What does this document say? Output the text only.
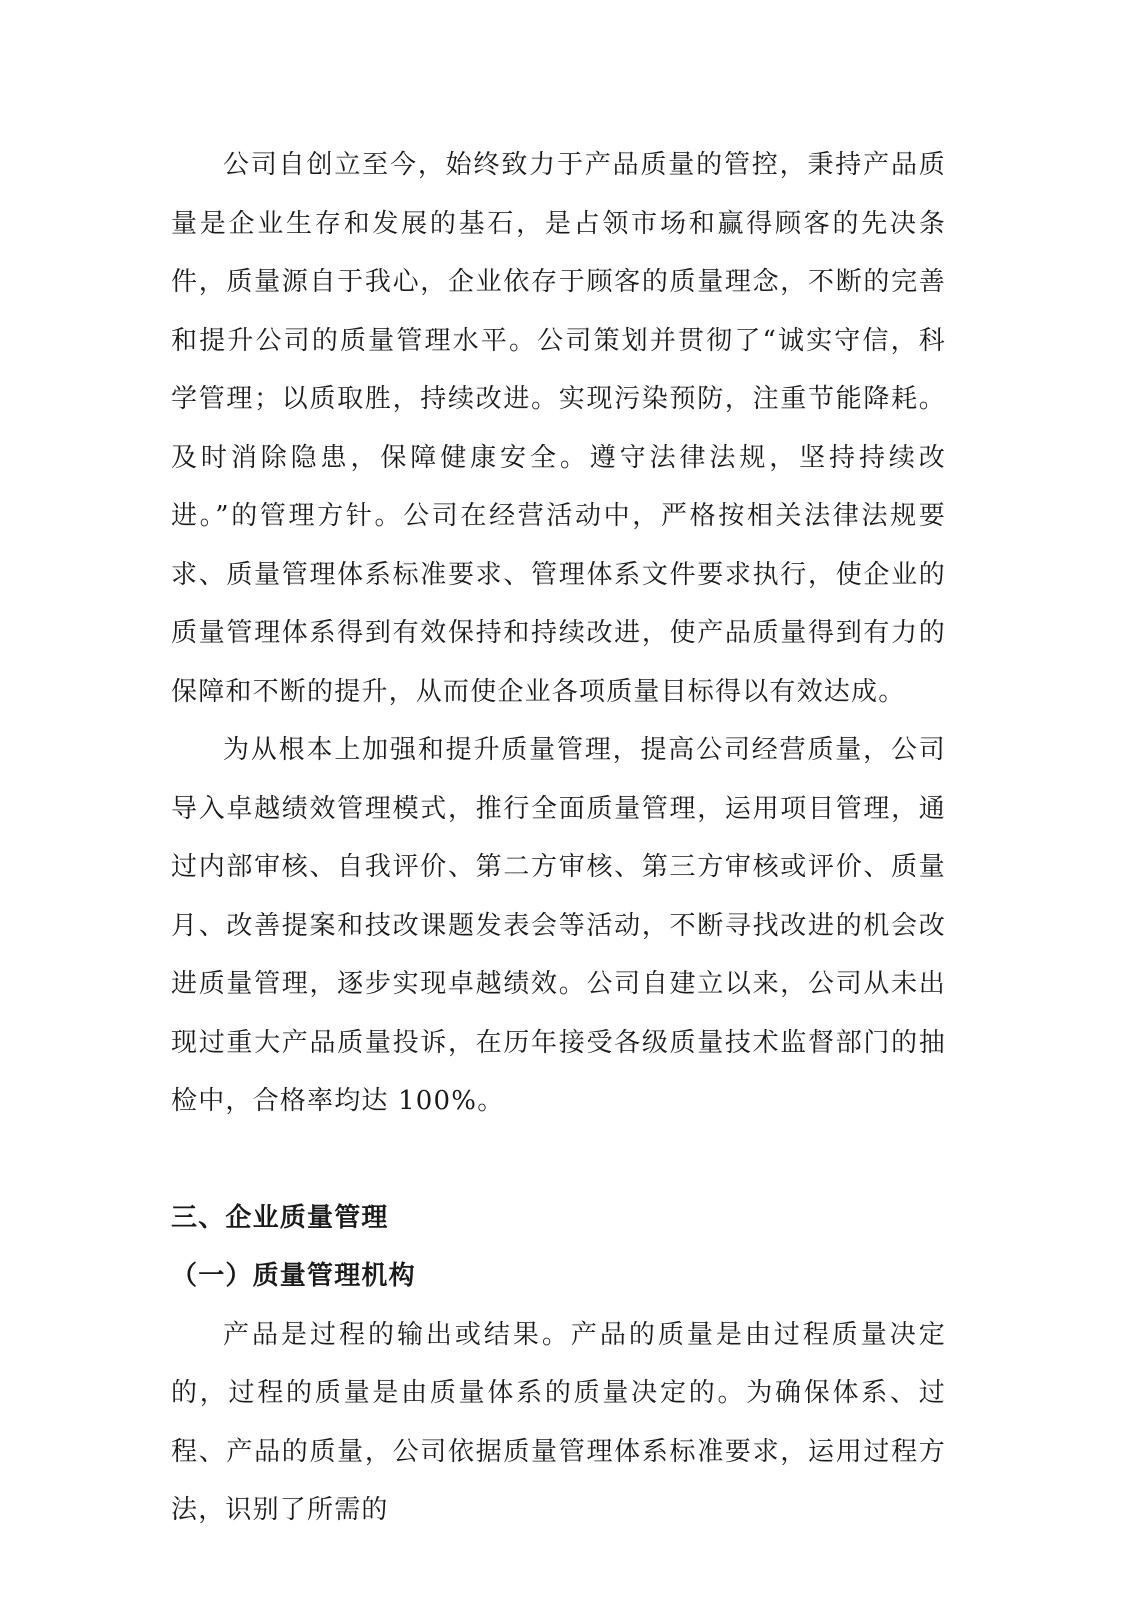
公司自创立至今，始终致力于产品质量的管控，秉持产品质量是企业生存和发展的基石，是占领市场和赢得顾客的先决条件，质量源自于我心，企业依存于顾客的质量理念，不断的完善和提升公司的质量管理水平。公司策划并贯彻了“诚实守信，科学管理；以质取胜，持续改进。实现污染预防，注重节能降耗。及时消除隐患，保障健康安全。遵守法律法规，坚持持续改进。”的管理方针。公司在经营活动中，严格按相关法律法规要求、质量管理体系标准要求、管理体系文件要求执行，使企业的质量管理体系得到有效保持和持续改进，使产品质量得到有力的保障和不断的提升，从而使企业各项质量目标得以有效达成。

为从根本上加强和提升质量管理，提高公司经营质量，公司导入卓越绩效管理模式，推行全面质量管理，运用项目管理，通过内部审核、自我评价、第二方审核、第三方审核或评价、质量月、改善提案和技改课题发表会等活动，不断寻找改进的机会改进质量管理，逐步实现卓越绩效。公司自建立以来，公司从未出现过重大产品质量投诉，在历年接受各级质量技术监督部门的抽检中，合格率均达 100%。

三、企业质量管理
（一）质量管理机构

产品是过程的输出或结果。产品的质量是由过程质量决定的，过程的质量是由质量体系的质量决定的。为确保体系、过程、产品的质量，公司依据质量管理体系标准要求，运用过程方法，识别了所需的
